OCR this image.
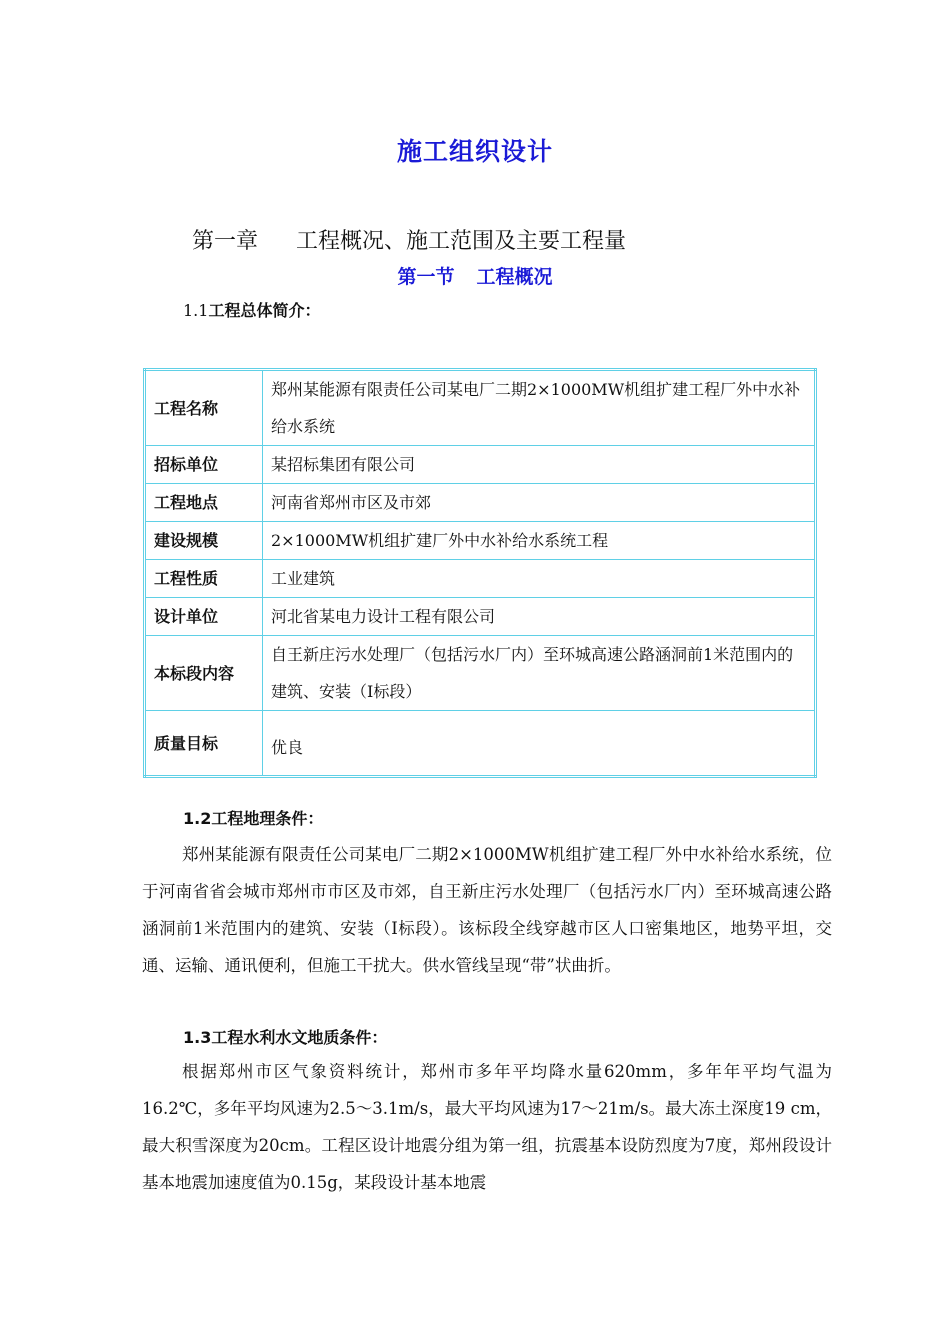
施工组织设计
第一章 工程概况、施工范围及主要工程量
第一节 工程概况
1.1工程总体简介：
工程名称	郑州某能源有限责任公司某电厂二期2×1000MW机组扩建工程厂外中水补给水系统
招标单位	某招标集团有限公司
工程地点	河南省郑州市区及市郊
建设规模	2×1000MW机组扩建厂外中水补给水系统工程
工程性质	工业建筑
设计单位	河北省某电力设计工程有限公司
本标段内容	自王新庄污水处理厂（包括污水厂内）至环城高速公路涵洞前1米范围内的建筑、安装（Ⅰ标段）
质量目标	优良
1.2工程地理条件：

郑州某能源有限责任公司某电厂二期2×1000MW机组扩建工程厂外中水补给水系统，位于河南省省会城市郑州市市区及市郊，自王新庄污水处理厂（包括污水厂内）至环城高速公路涵洞前1米范围内的建筑、安装（Ⅰ标段）。该标段全线穿越市区人口密集地区，地势平坦，交通、运输、通讯便利，但施工干扰大。供水管线呈现“带”状曲折。

1.3工程水利水文地质条件：

根据郑州市区气象资料统计，郑州市多年平均降水量620mm，多年年平均气温为16.2℃，多年平均风速为2.5～3.1m/s，最大平均风速为17～21m/s。最大冻土深度19 cm，最大积雪深度为20cm。工程区设计地震分组为第一组，抗震基本设防烈度为7度，郑州段设计基本地震加速度值为0.15g，某段设计基本地震
